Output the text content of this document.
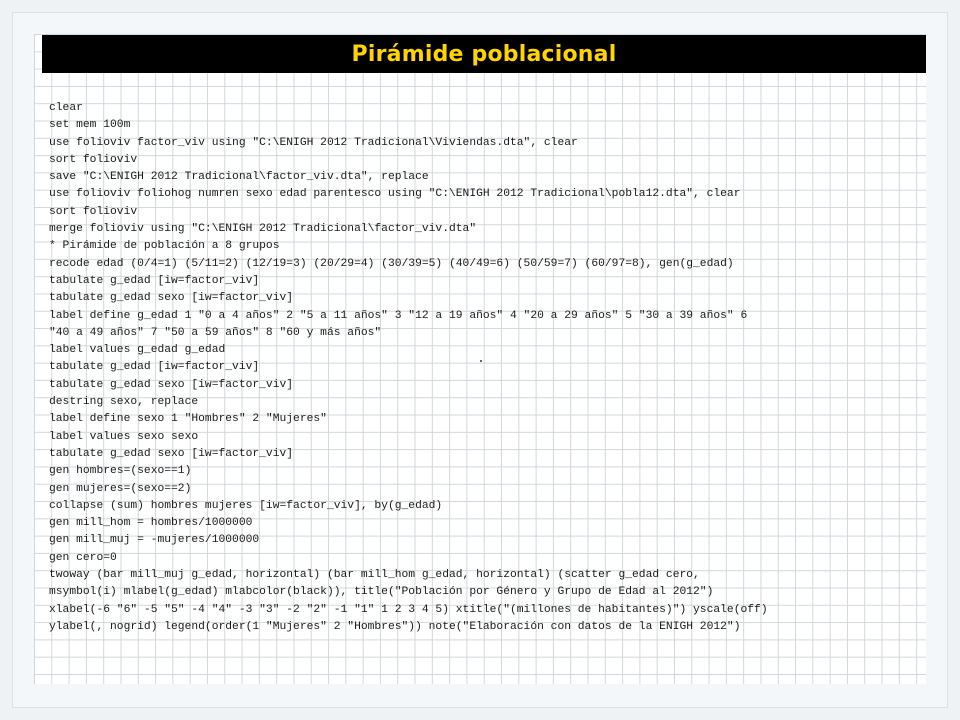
Pirámide poblacional
clear
set mem 100m
use folioviv factor_viv using "C:\ENIGH 2012 Tradicional\Viviendas.dta", clear
sort folioviv
save "C:\ENIGH 2012 Tradicional\factor_viv.dta", replace
use folioviv foliohog numren sexo edad parentesco using "C:\ENIGH 2012 Tradicional\pobla12.dta", clear
sort folioviv
merge folioviv using "C:\ENIGH 2012 Tradicional\factor_viv.dta"
* Pirámide de población a 8 grupos
recode edad (0/4=1) (5/11=2) (12/19=3) (20/29=4) (30/39=5) (40/49=6) (50/59=7) (60/97=8), gen(g_edad)
tabulate g_edad [iw=factor_viv]
tabulate g_edad sexo [iw=factor_viv]
label define g_edad 1 "0 a 4 años" 2 "5 a 11 años" 3 "12 a 19 años" 4 "20 a 29 años" 5 "30 a 39 años" 6
"40 a 49 años" 7 "50 a 59 años" 8 "60 y más años"
label values g_edad g_edad
tabulate g_edad [iw=factor_viv]
tabulate g_edad sexo [iw=factor_viv]
destring sexo, replace
label define sexo 1 "Hombres" 2 "Mujeres"
label values sexo sexo
tabulate g_edad sexo [iw=factor_viv]
gen hombres=(sexo==1)
gen mujeres=(sexo==2)
collapse (sum) hombres mujeres [iw=factor_viv], by(g_edad)
gen mill_hom = hombres/1000000
gen mill_muj = -mujeres/1000000
gen cero=0
twoway (bar mill_muj g_edad, horizontal) (bar mill_hom g_edad, horizontal) (scatter g_edad cero,
msymbol(i) mlabel(g_edad) mlabcolor(black)), title("Población por Género y Grupo de Edad al 2012")
xlabel(-6 "6" -5 "5" -4 "4" -3 "3" -2 "2" -1 "1" 1 2 3 4 5) xtitle("(millones de habitantes)") yscale(off)
ylabel(, nogrid) legend(order(1 "Mujeres" 2 "Hombres")) note("Elaboración con datos de la ENIGH 2012")
